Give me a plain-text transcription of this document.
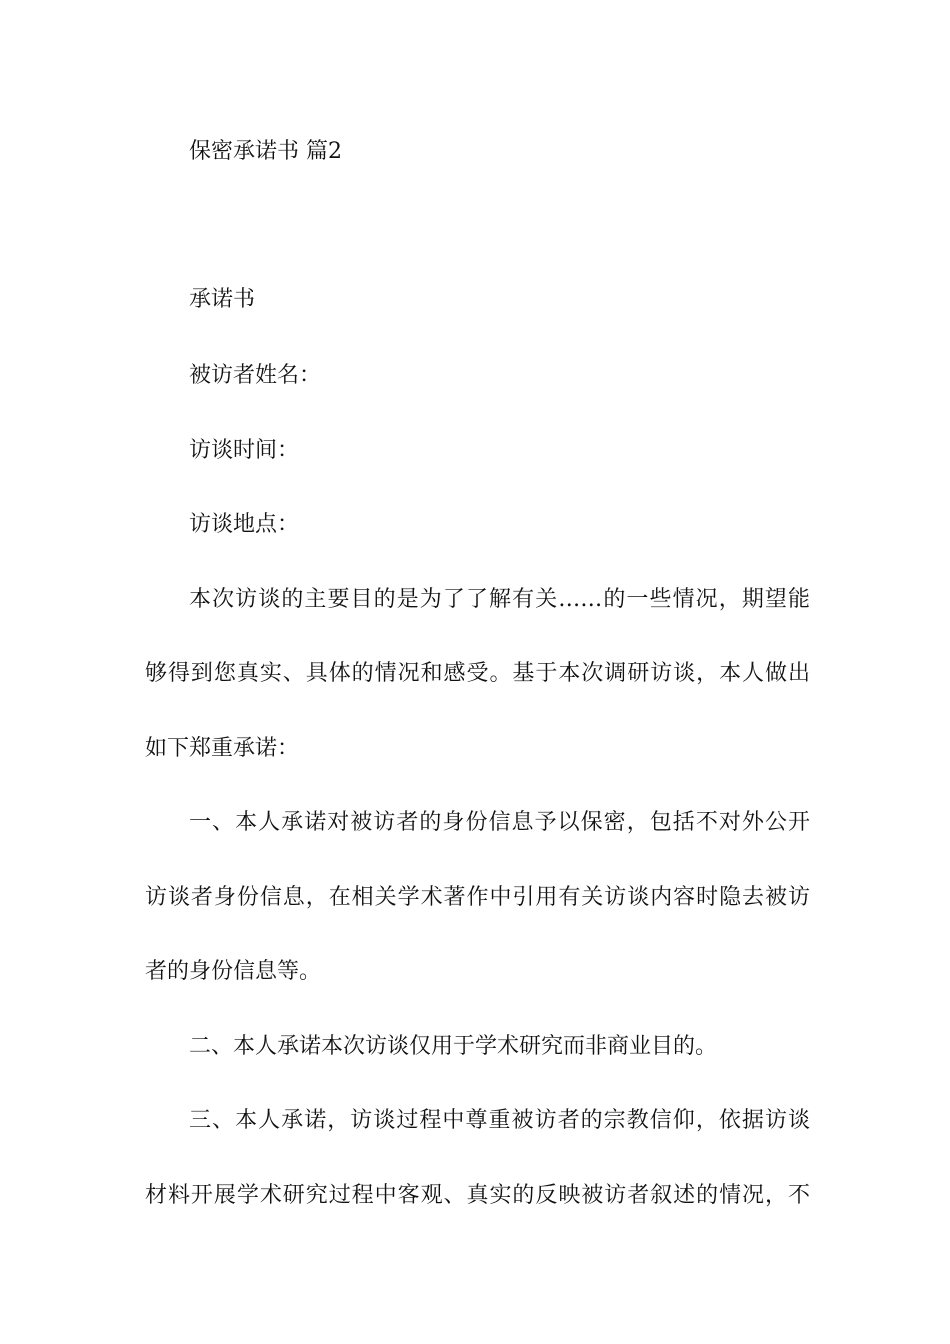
保密承诺书 篇2
承诺书
被访者姓名：
访谈时间：
访谈地点：
本次访谈的主要目的是为了了解有关……的一些情况，期望能
够得到您真实、具体的情况和感受。基于本次调研访谈，本人做出
如下郑重承诺：
一、本人承诺对被访者的身份信息予以保密，包括不对外公开
访谈者身份信息，在相关学术著作中引用有关访谈内容时隐去被访
者的身份信息等。
二、本人承诺本次访谈仅用于学术研究而非商业目的。
三、本人承诺，访谈过程中尊重被访者的宗教信仰，依据访谈
材料开展学术研究过程中客观、真实的反映被访者叙述的情况，不
